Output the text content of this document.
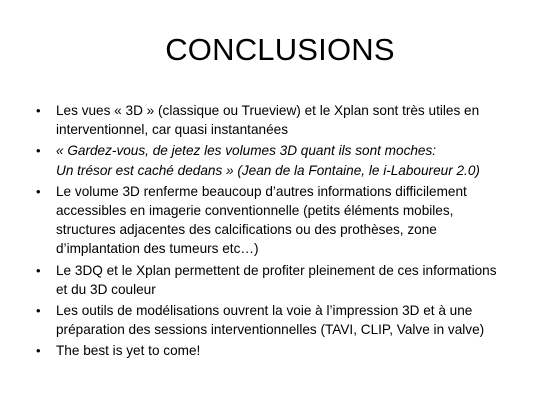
CONCLUSIONS
•	Les vues « 3D » (classique ou Trueview) et le Xplan sont très utiles en
interventionnel, car quasi instantanées
•	« Gardez-vous, de jetez les volumes 3D quant ils sont moches:
Un trésor est caché dedans » (Jean de la Fontaine, le i-Laboureur 2.0)
•	Le volume 3D renferme beaucoup d’autres informations difficilement
accessibles en imagerie conventionnelle (petits éléments mobiles,
structures adjacentes des calcifications ou des prothèses, zone
d’implantation des tumeurs etc…)
•	Le 3DQ et le Xplan permettent de profiter pleinement de ces informations
et du 3D couleur
•	Les outils de modélisations ouvrent la voie à l’impression 3D et à une
préparation des sessions interventionnelles (TAVI, CLIP, Valve in valve)
•	The best is yet to come!
